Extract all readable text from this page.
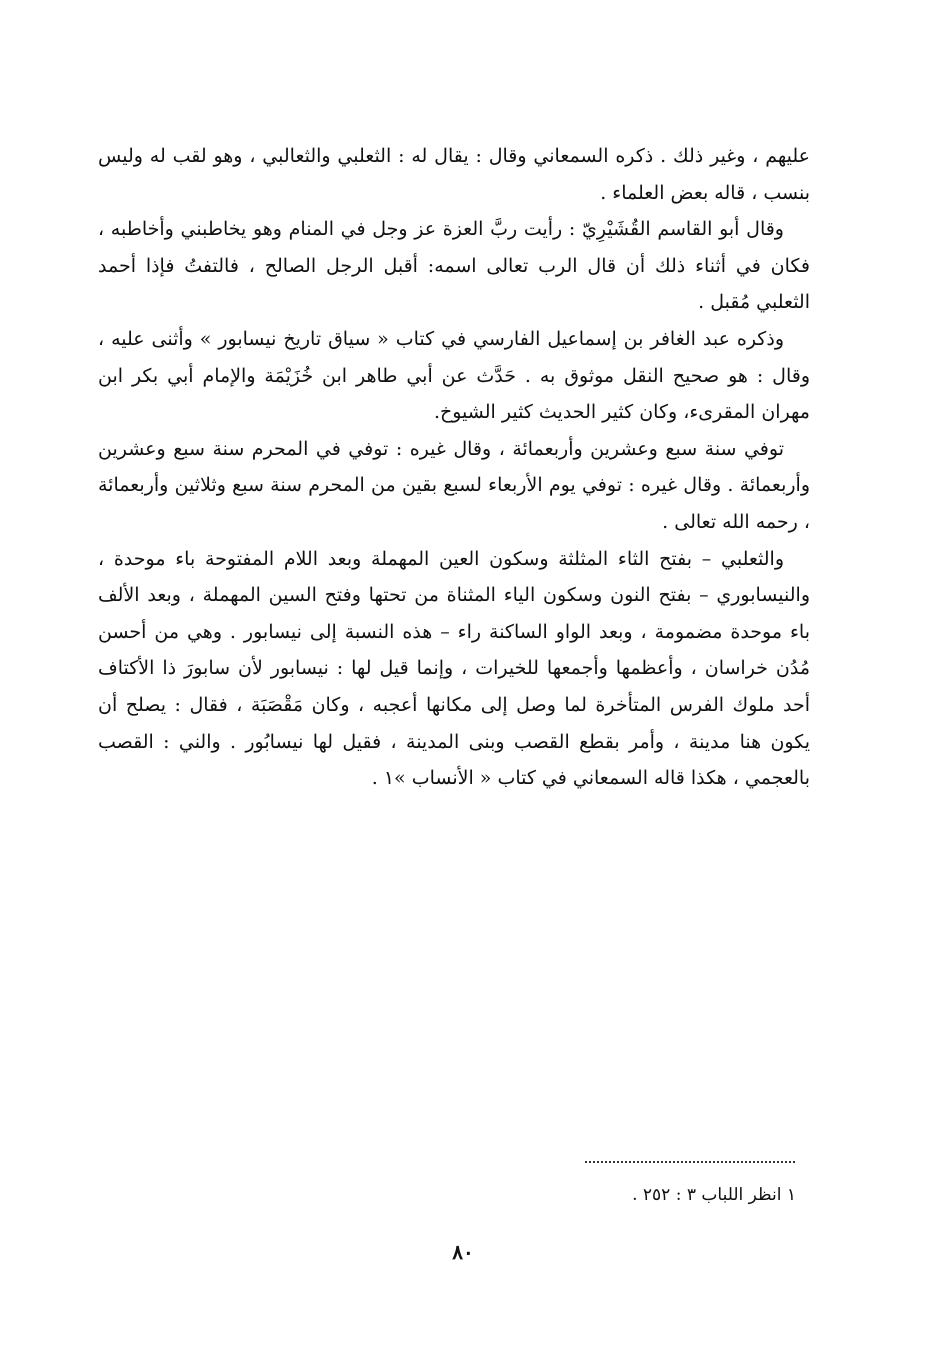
عليهم ، وغير ذلك . ذكره السمعاني وقال : يقال له : الثعلبي والثعالبي ، وهو لقب له وليس بنسب ، قاله بعض العلماء .

وقال أبو القاسم القُشَيْرِيّ : رأيت ربَّ العزة عز وجل في المنام وهو يخاطبني وأخاطبه ، فكان في أثناء ذلك أن قال الرب تعالى اسمه: أقبل الرجل الصالح ، فالتفتُ فإذا أحمد الثعلبي مُقبل .

وذكره عبد الغافر بن إسماعيل الفارسي في كتاب « سياق تاريخ نيسابور » وأثنى عليه ، وقال : هو صحيح النقل موثوق به . حَدَّث عن أبي طاهر ابن خُزَيْمَة والإمام أبي بكر ابن مهران المقرىء، وكان كثير الحديث كثير الشيوخ.

توفي سنة سبع وعشرين وأربعمائة ، وقال غيره : توفي في المحرم سنة سبع وعشرين وأربعمائة . وقال غيره : توفي يوم الأربعاء لسبع بقين من المحرم سنة سبع وثلاثين وأربعمائة ، رحمه الله تعالى .

والثعلبي – بفتح الثاء المثلثة وسكون العين المهملة وبعد اللام المفتوحة باء موحدة ، والنيسابوري – بفتح النون وسكون الياء المثناة من تحتها وفتح السين المهملة ، وبعد الألف باء موحدة مضمومة ، وبعد الواو الساكنة راء – هذه النسبة إلى نيسابور . وهي من أحسن مُدُن خراسان ، وأعظمها وأجمعها للخيرات ، وإنما قيل لها : نيسابور لأن سابورَ ذا الأكتاف أحد ملوك الفرس المتأخرة لما وصل إلى مكانها أعجبه ، وكان مَقْصَبَة ، فقال : يصلح أن يكون هنا مدينة ، وأمر بقطع القصب وبنى المدينة ، فقيل لها نيسابُور . والني : القصب بالعجمي ، هكذا قاله السمعاني في كتاب « الأنساب »١ .

١ انظر اللباب ٣ : ٢٥٢ .
٨٠
